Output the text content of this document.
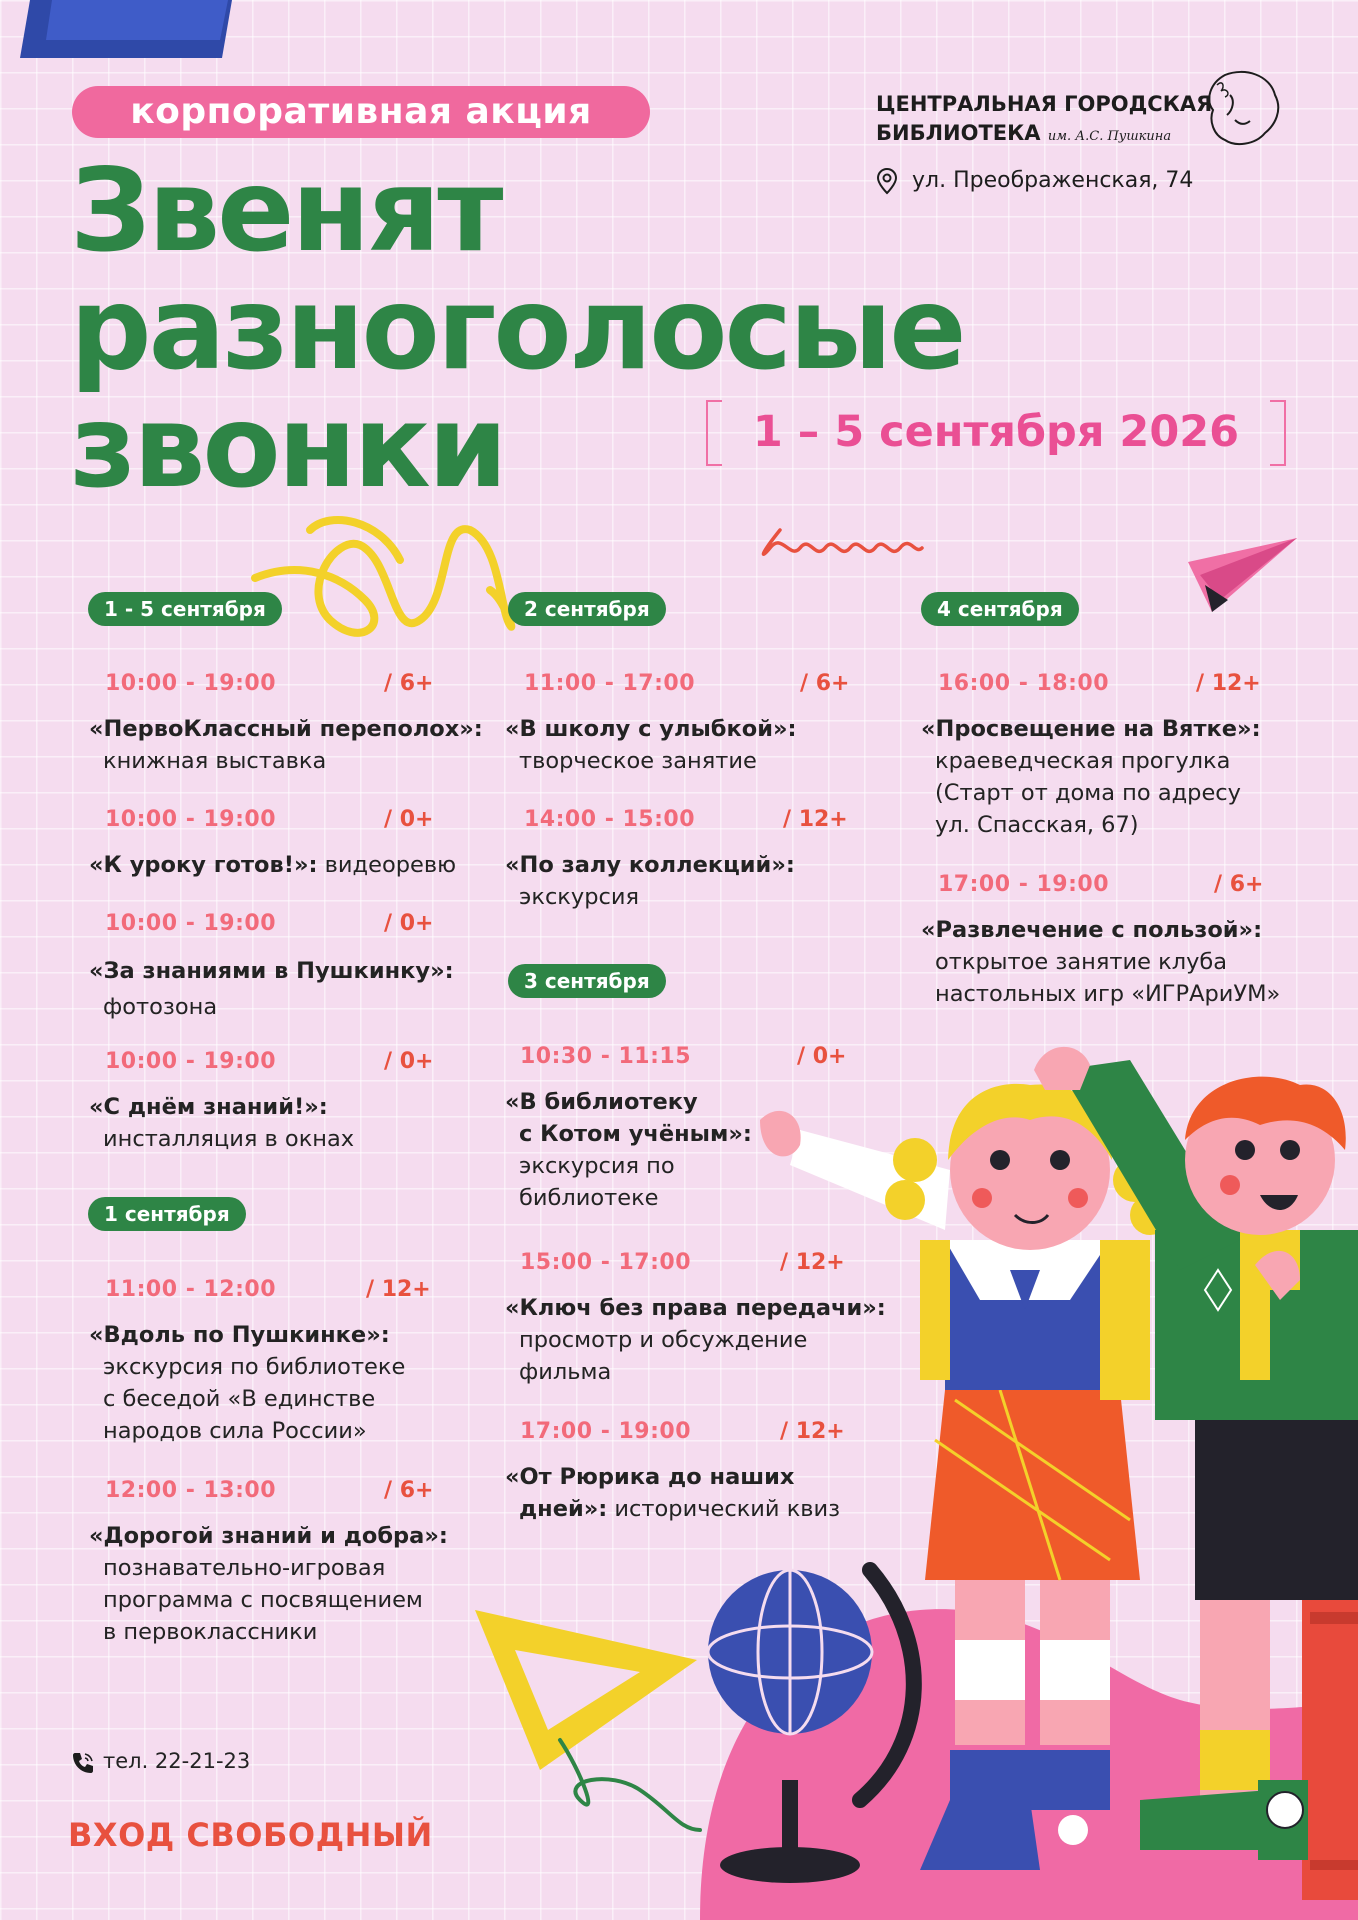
корпоративная акция
Звенят
разноголосые
звонки	1 – 5 сентября 2026
ЦЕНТРАЛЬНАЯ ГОРОДСКАЯ
БИБЛИОТЕКА им. А.С. Пушкина
ул. Преображенская, 74
1 - 5 сентября
10:00 - 19:00	/ 6+
«ПервоКлассный переполох»:
книжная выставка
10:00 - 19:00	/ 0+
«К уроку готов!»: видеоревю
10:00 - 19:00	/ 0+
«За знаниями в Пушкинку»:
фотозона
10:00 - 19:00	/ 0+
«С днём знаний!»:
инсталляция в окнах
1 сентября
11:00 - 12:00	/ 12+
«Вдоль по Пушкинке»:
экскурсия по библиотеке
с беседой «В единстве
народов сила России»
12:00 - 13:00	/ 6+
«Дорогой знаний и добра»:
познавательно-игровая
программа с посвящением
в первоклассники
2 сентября
11:00 - 17:00	/ 6+
«В школу с улыбкой»:
творческое занятие
14:00 - 15:00	/ 12+
«По залу коллекций»:
экскурсия
3 сентября
10:30 - 11:15	/ 0+
«В библиотеку
с Котом учёным»:
экскурсия по
библиотеке
15:00 - 17:00	/ 12+
«Ключ без права передачи»:
просмотр и обсуждение
фильма
17:00 - 19:00	/ 12+
«От Рюрика до наших
дней»: исторический квиз
4 сентября
16:00 - 18:00	/ 12+
«Просвещение на Вятке»:
краеведческая прогулка
(Старт от дома по адресу
ул. Спасская, 67)
17:00 - 19:00	/ 6+
«Развлечение с пользой»:
открытое занятие клуба
настольных игр «ИГРАриУМ»
тел. 22-21-23
ВХОД СВОБОДНЫЙ
